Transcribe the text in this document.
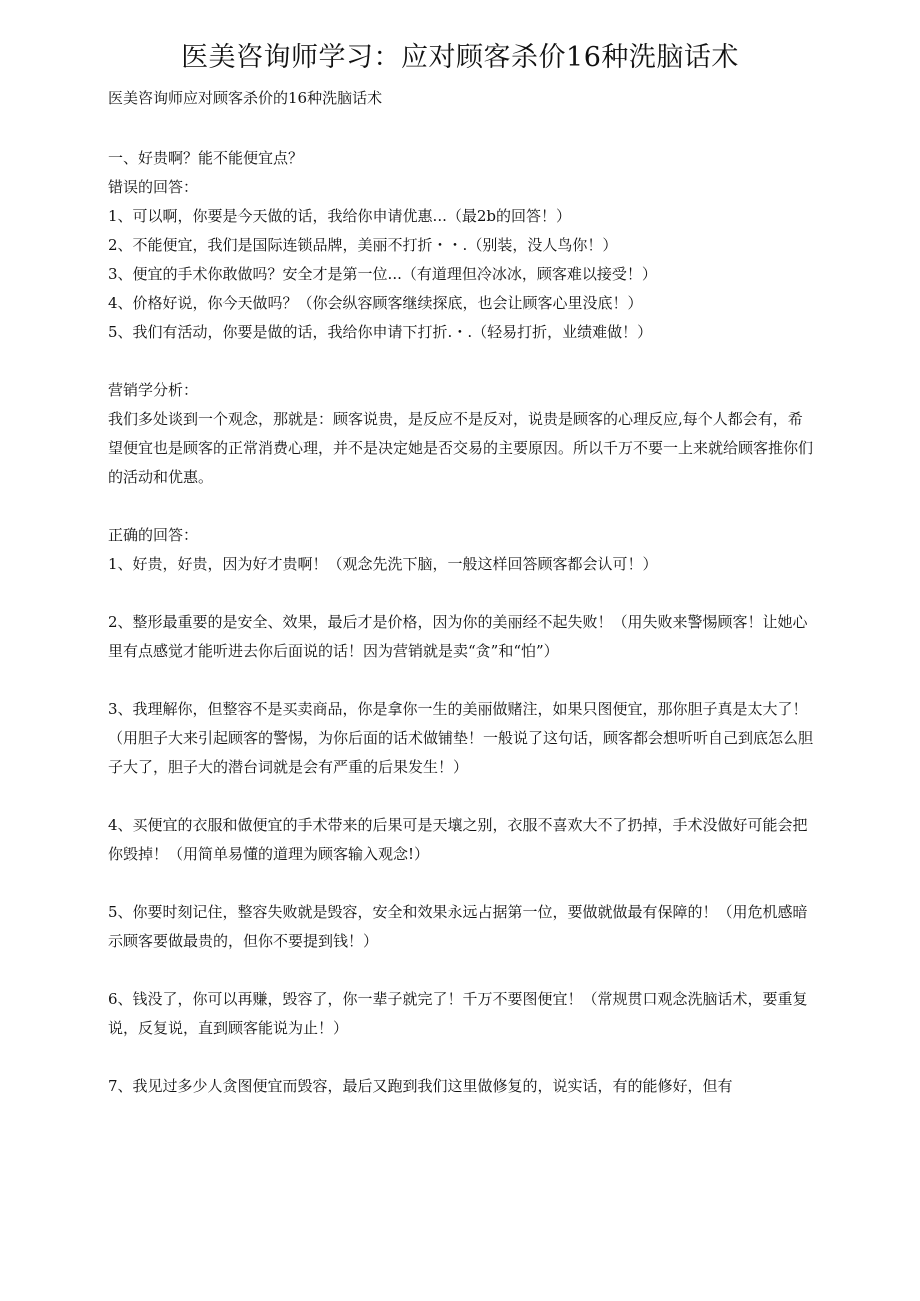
医美咨询师学习：应对顾客杀价16种洗脑话术
医美咨询师应对顾客杀价的16种洗脑话术

一、好贵啊？能不能便宜点？

错误的回答：

1、可以啊，你要是今天做的话，我给你申请优惠...（最2b的回答！）

2、不能便宜，我们是国际连锁品牌，美丽不打折・・.（别装，没人鸟你！）

3、便宜的手术你敢做吗？安全才是第一位...（有道理但冷冰冰，顾客难以接受！）

4、价格好说，你今天做吗？（你会纵容顾客继续探底，也会让顾客心里没底！）

5、我们有活动，你要是做的话，我给你申请下打折.・.（轻易打折，业绩难做！）

营销学分析：

我们多处谈到一个观念，那就是：顾客说贵，是反应不是反对，说贵是顾客的心理反应,每个人都会有，希望便宜也是顾客的正常消费心理，并不是决定她是否交易的主要原因。所以千万不要一上来就给顾客推你们的活动和优惠。

正确的回答：

1、好贵，好贵，因为好才贵啊！（观念先洗下脑，一般这样回答顾客都会认可！）

2、整形最重要的是安全、效果，最后才是价格，因为你的美丽经不起失败！（用失败来警惕顾客！让她心里有点感觉才能听进去你后面说的话！因为营销就是卖“贪”和“怕”）

3、我理解你，但整容不是买卖商品，你是拿你一生的美丽做赌注，如果只图便宜，那你胆子真是太大了！（用胆子大来引起顾客的警惕，为你后面的话术做铺垫！一般说了这句话，顾客都会想听听自己到底怎么胆子大了，胆子大的潜台词就是会有严重的后果发生！）

4、买便宜的衣服和做便宜的手术带来的后果可是天壤之别，衣服不喜欢大不了扔掉，手术没做好可能会把你毁掉！（用简单易懂的道理为顾客输入观念!）

5、你要时刻记住，整容失败就是毁容，安全和效果永远占据第一位，要做就做最有保障的！（用危机感暗示顾客要做最贵的，但你不要提到钱！）

6、钱没了，你可以再赚，毁容了，你一辈子就完了！千万不要图便宜！（常规贯口观念洗脑话术，要重复说，反复说，直到顾客能说为止！）

7、我见过多少人贪图便宜而毁容，最后又跑到我们这里做修复的，说实话，有的能修好，但有
